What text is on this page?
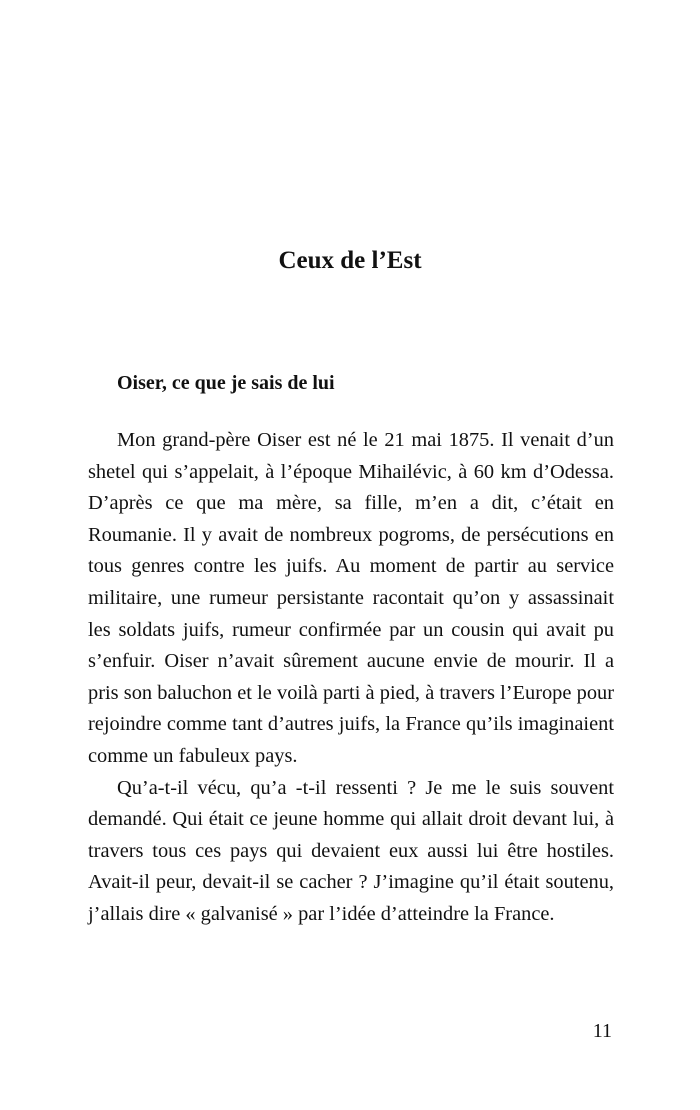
Ceux de l’Est
Oiser, ce que je sais de lui

Mon grand-père Oiser est né le 21 mai 1875. Il venait d’un shetel qui s’appelait, à l’époque Mihailévic, à 60 km d’Odessa. D’après ce que ma mère, sa fille, m’en a dit, c’était en Roumanie. Il y avait de nombreux pogroms, de persécutions en tous genres contre les juifs. Au moment de partir au service militaire, une rumeur persistante racontait qu’on y assassinait les soldats juifs, rumeur confirmée par un cousin qui avait pu s’enfuir. Oiser n’avait sûrement aucune envie de mourir. Il a pris son baluchon et le voilà parti à pied, à travers l’Europe pour rejoindre comme tant d’autres juifs, la France qu’ils imaginaient comme un fabuleux pays.

Qu’a-t-il vécu, qu’a -t-il ressenti ? Je me le suis souvent demandé. Qui était ce jeune homme qui allait droit devant lui, à travers tous ces pays qui devaient eux aussi lui être hostiles. Avait-il peur, devait-il se cacher ? J’imagine qu’il était soutenu, j’allais dire « galvanisé » par l’idée d’atteindre la France.

11
